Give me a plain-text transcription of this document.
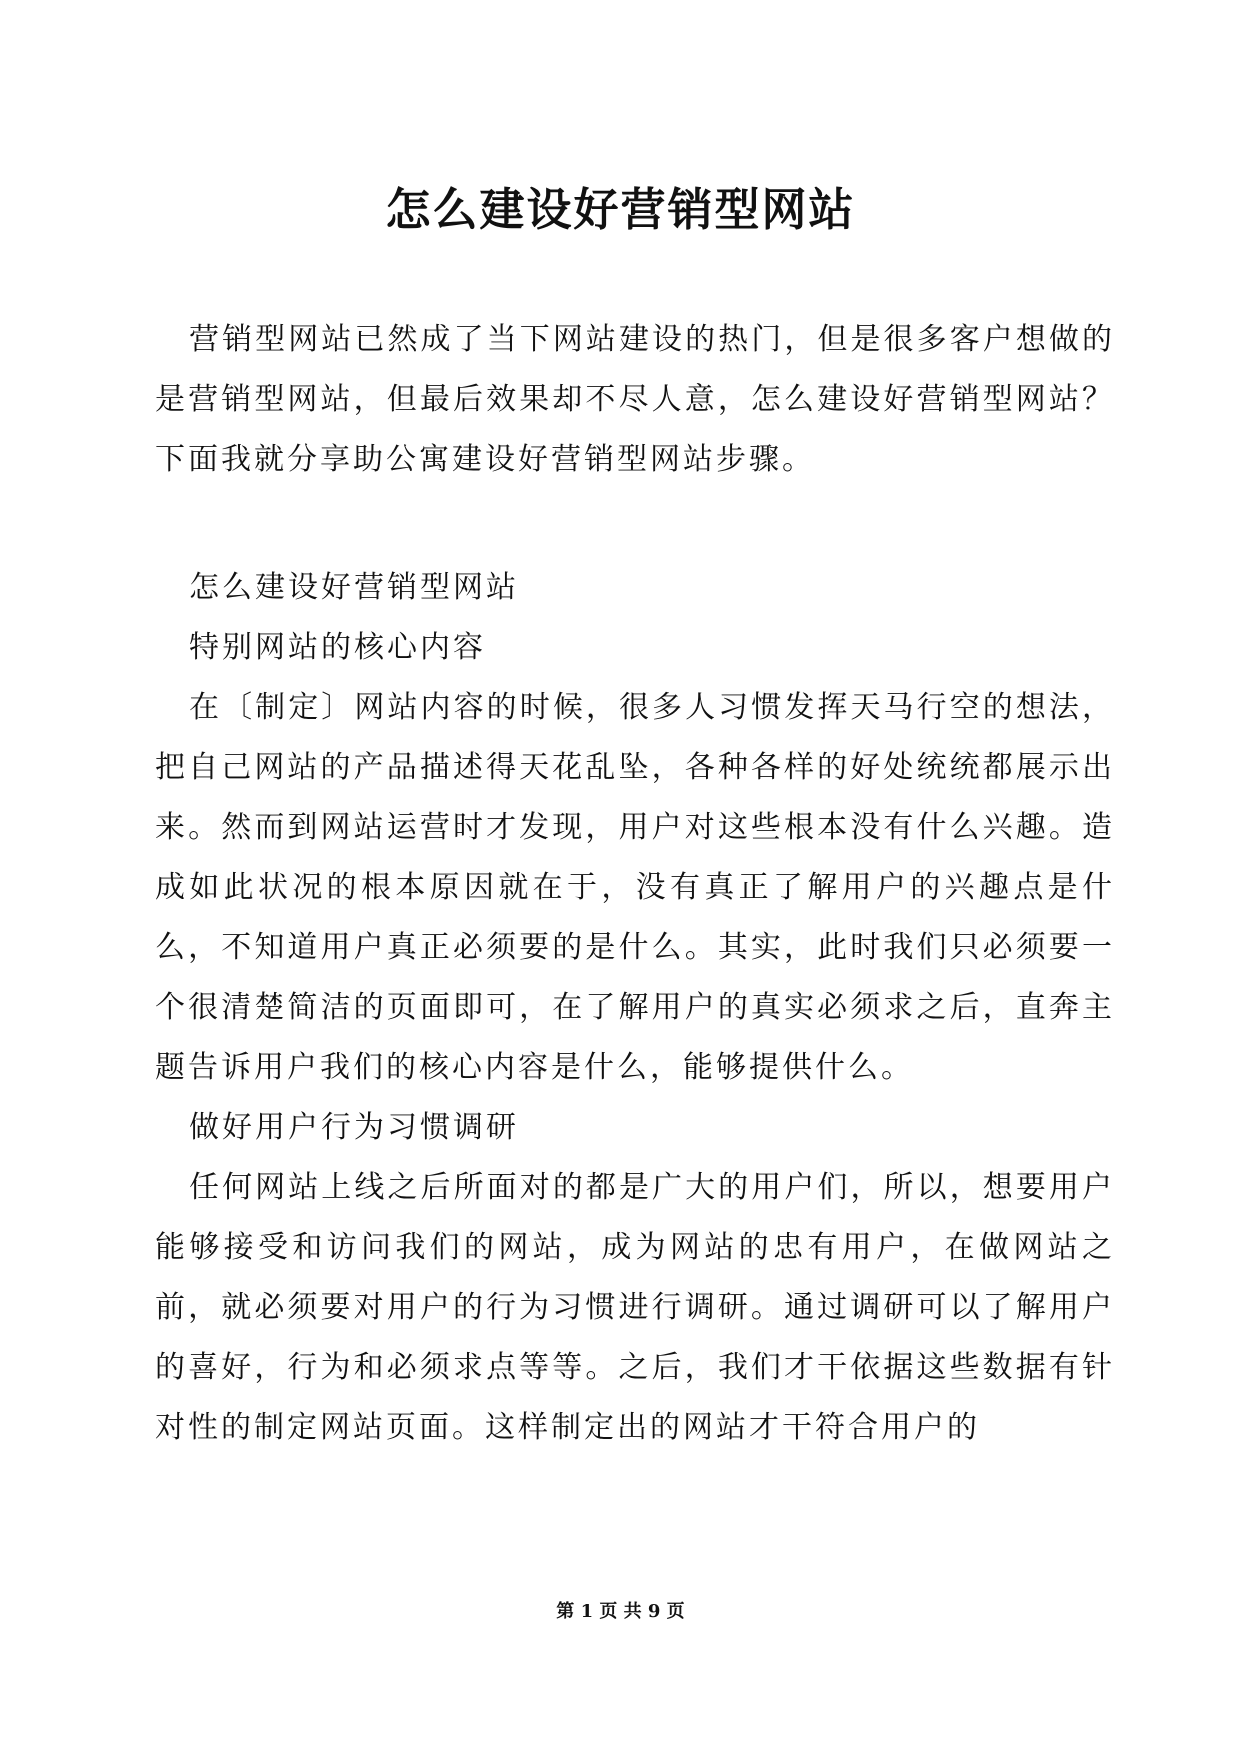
怎么建设好营销型网站

营销型网站已然成了当下网站建设的热门，但是很多客户想做的是营销型网站，但最后效果却不尽人意，怎么建设好营销型网站？下面我就分享助公寓建设好营销型网站步骤。

怎么建设好营销型网站

特别网站的核心内容

在〔制定〕网站内容的时候，很多人习惯发挥天马行空的想法，把自己网站的产品描述得天花乱坠，各种各样的好处统统都展示出来。然而到网站运营时才发现，用户对这些根本没有什么兴趣。造成如此状况的根本原因就在于，没有真正了解用户的兴趣点是什么，不知道用户真正必须要的是什么。其实，此时我们只必须要一个很清楚简洁的页面即可，在了解用户的真实必须求之后，直奔主题告诉用户我们的核心内容是什么，能够提供什么。

做好用户行为习惯调研

任何网站上线之后所面对的都是广大的用户们，所以，想要用户能够接受和访问我们的网站，成为网站的忠有用户，在做网站之前，就必须要对用户的行为习惯进行调研。通过调研可以了解用户的喜好，行为和必须求点等等。之后，我们才干依据这些数据有针对性的制定网站页面。这样制定出的网站才干符合用户的

第 1 页 共 9 页
